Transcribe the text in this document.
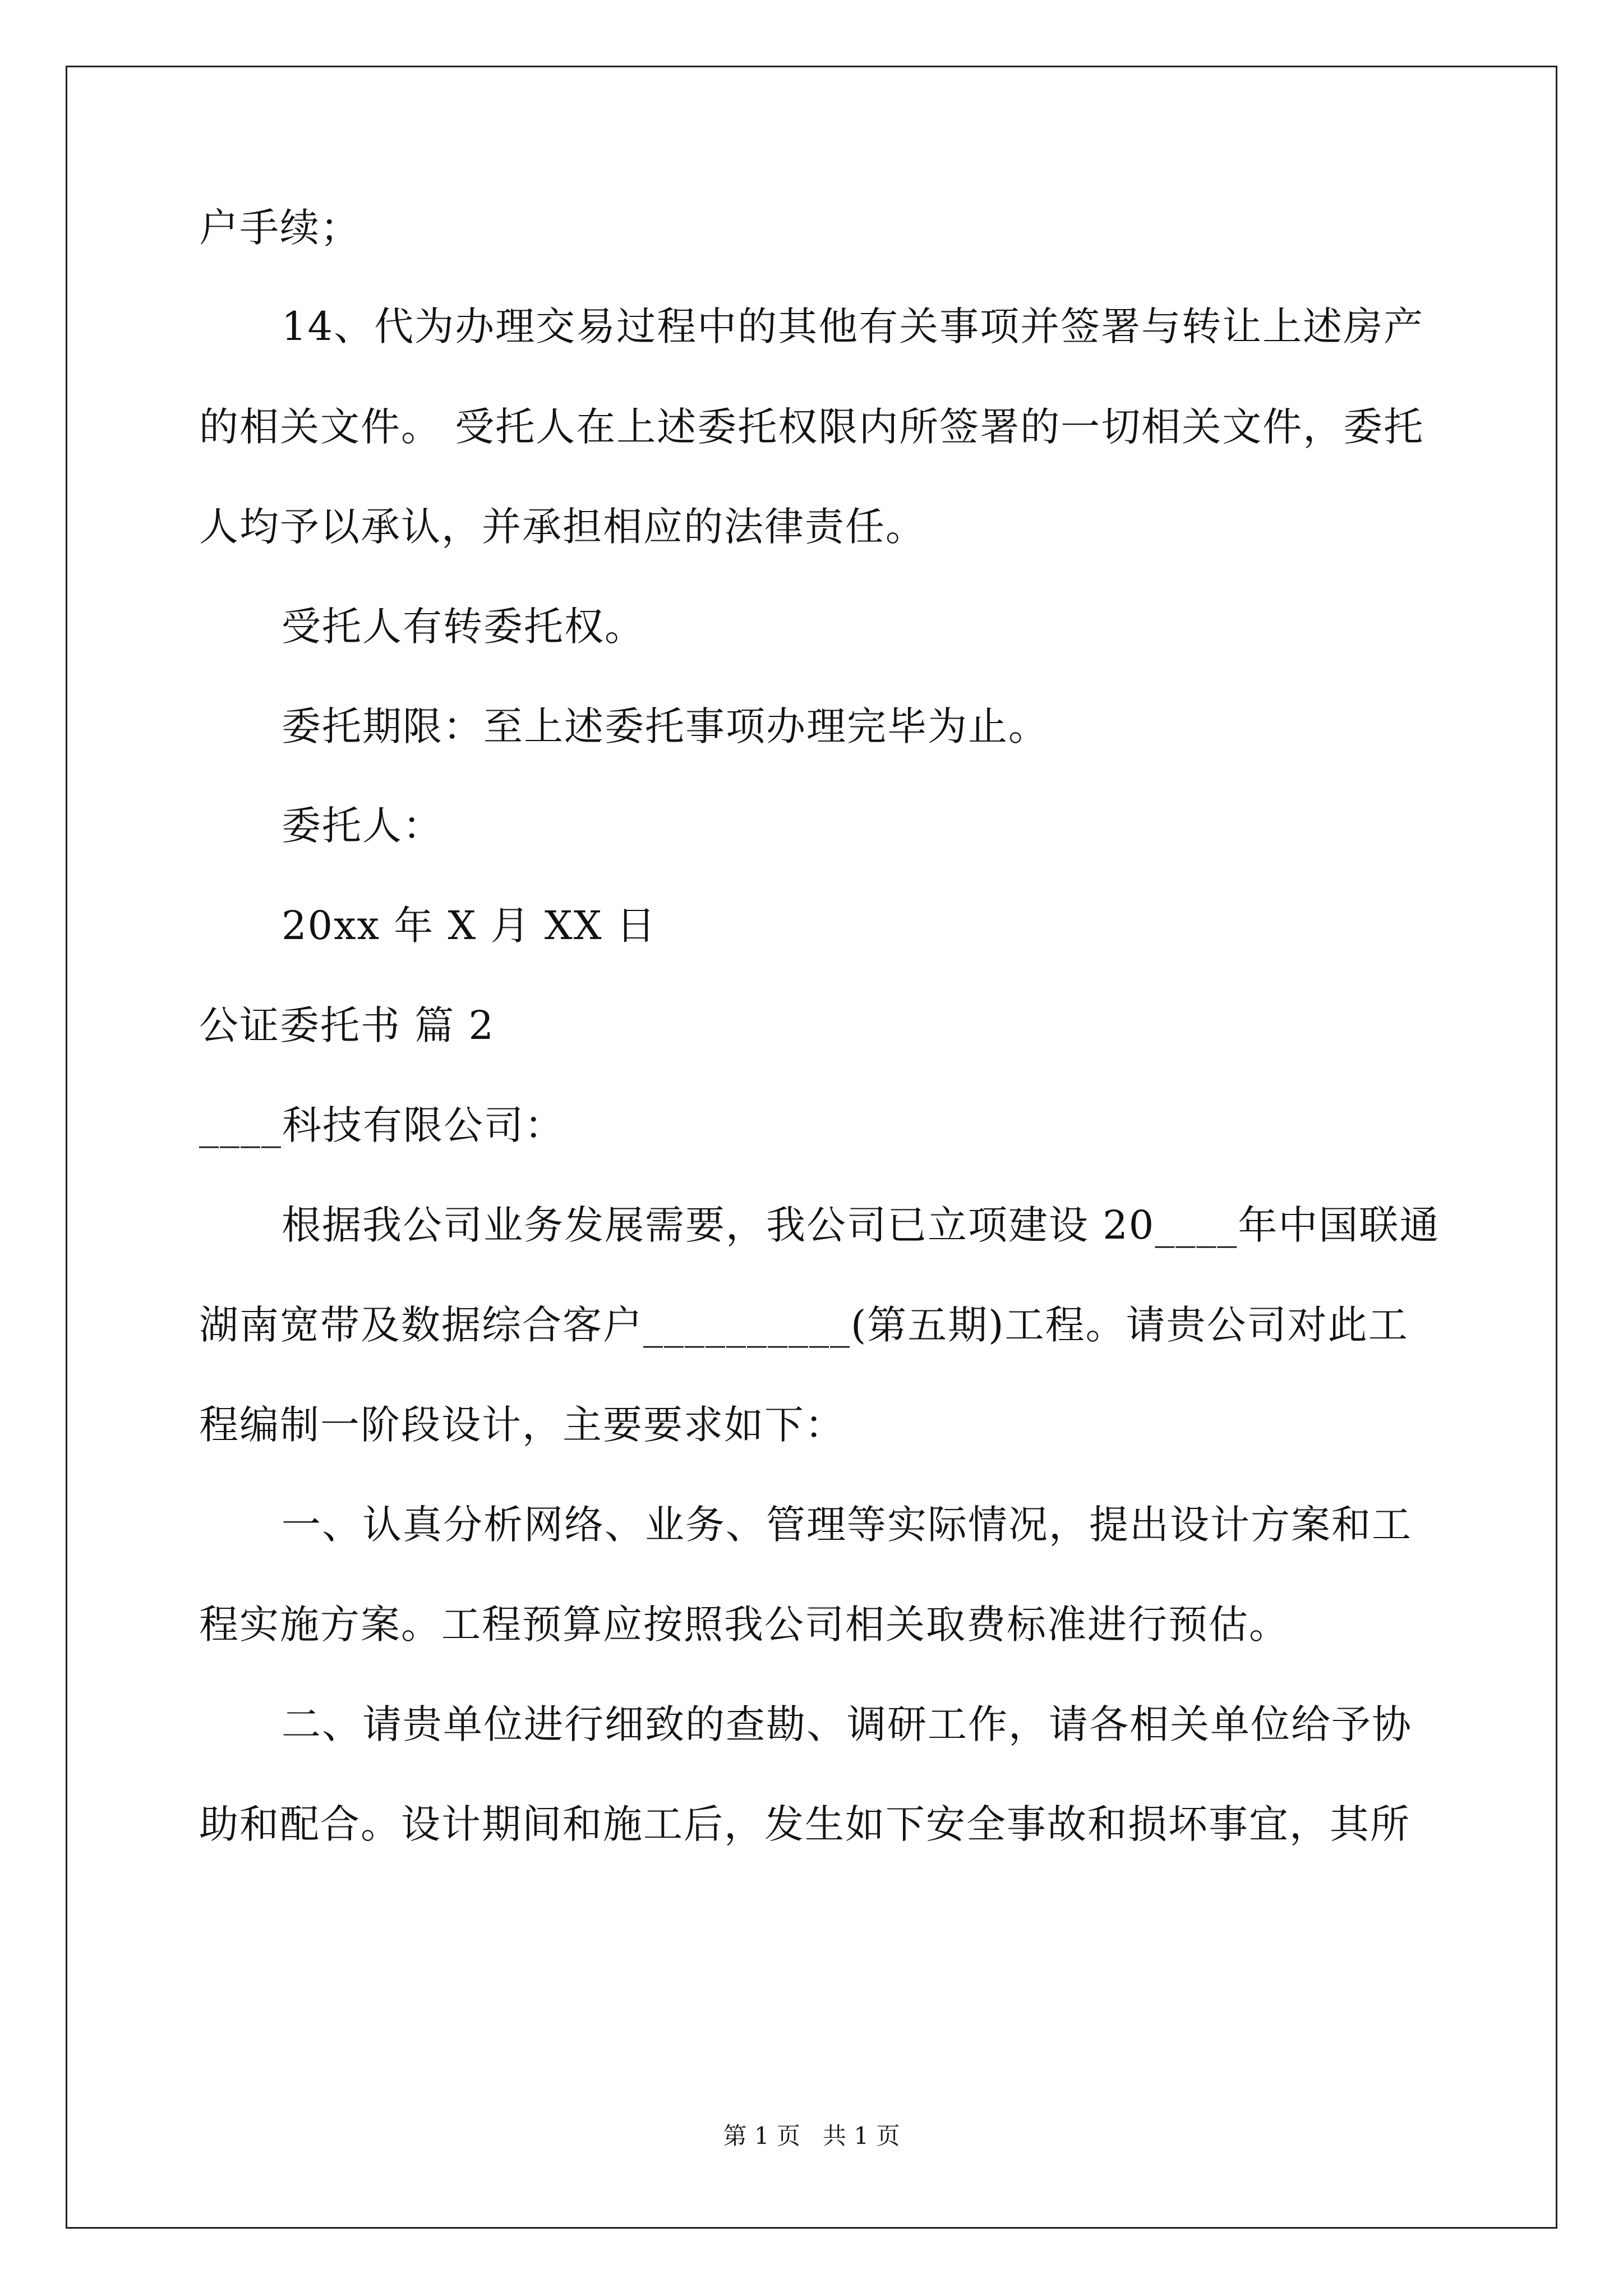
户手续；
14、代为办理交易过程中的其他有关事项并签署与转让上述房产
的相关文件。 受托人在上述委托权限内所签署的一切相关文件，委托
人均予以承认，并承担相应的法律责任。
受托人有转委托权。
委托期限：至上述委托事项办理完毕为止。
委托人：
20xx 年 X 月 XX 日
公证委托书 篇 2
____科技有限公司：
根据我公司业务发展需要，我公司已立项建设 20____年中国联通
湖南宽带及数据综合客户__________(第五期)工程。请贵公司对此工
程编制一阶段设计，主要要求如下：
一、认真分析网络、业务、管理等实际情况，提出设计方案和工
程实施方案。工程预算应按照我公司相关取费标准进行预估。
二、请贵单位进行细致的查勘、调研工作，请各相关单位给予协
助和配合。设计期间和施工后，发生如下安全事故和损坏事宜，其所
第 1 页   共 1 页
